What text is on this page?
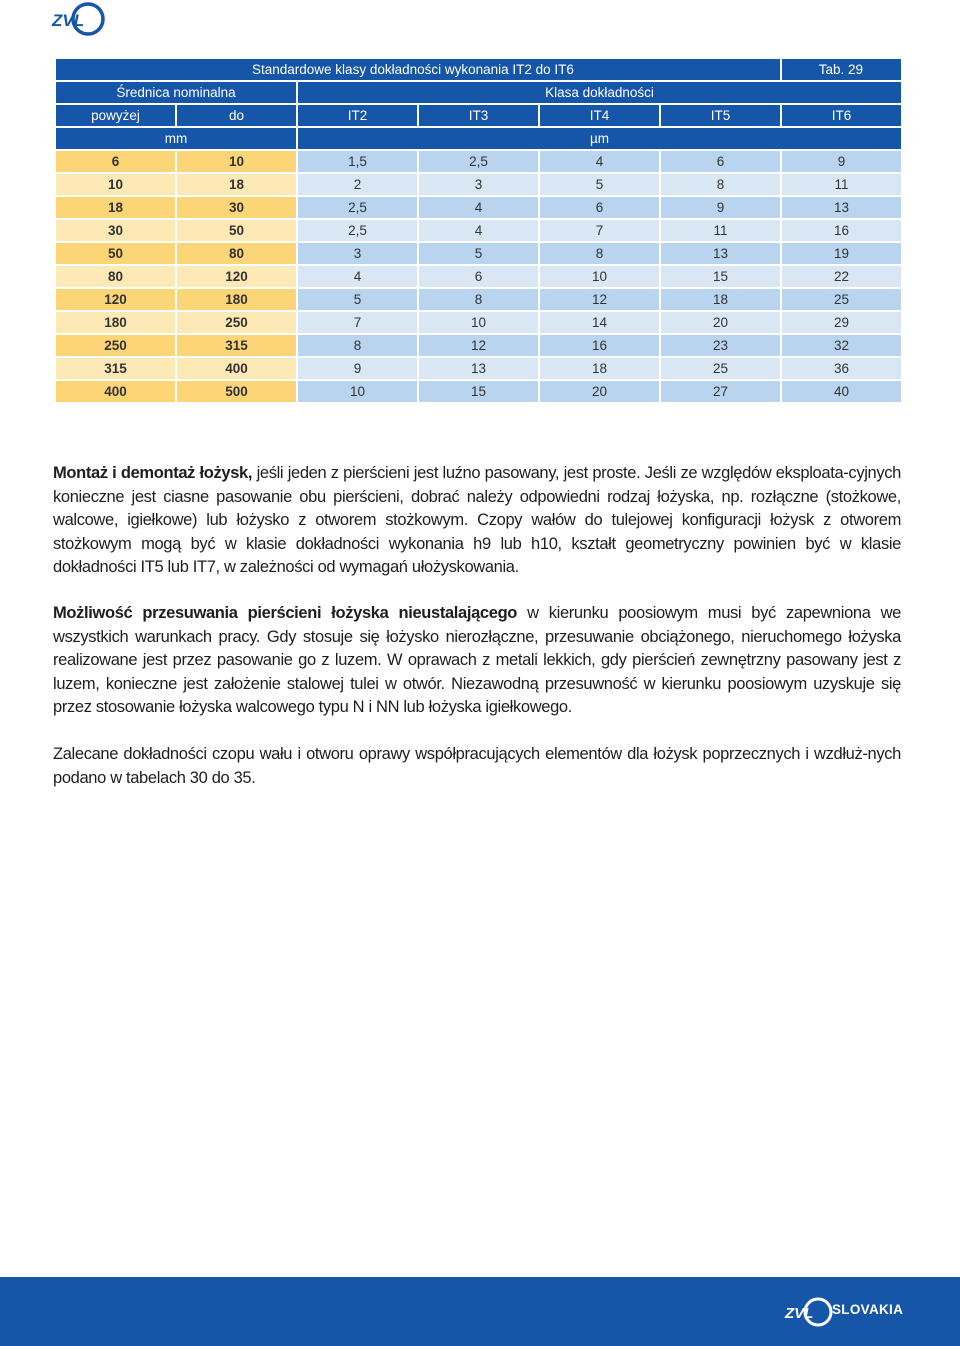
ZVL
Standardowe klasy dokładności wykonania IT2 do IT6						Tab. 29
Średnica nominalna		Klasa dokładności				
powyżej	do	IT2	IT3	IT4	IT5	IT6
mm		µm				
6	10	1,5	2,5	4	6	9
10	18	2	3	5	8	11
18	30	2,5	4	6	9	13
30	50	2,5	4	7	11	16
50	80	3	5	8	13	19
80	120	4	6	10	15	22
120	180	5	8	12	18	25
180	250	7	10	14	20	29
250	315	8	12	16	23	32
315	400	9	13	18	25	36
400	500	10	15	20	27	40

Montaż i demontaż łożysk, jeśli jeden z pierścieni jest luźno pasowany, jest proste. Jeśli ze względów eksploata-cyjnych konieczne jest ciasne pasowanie obu pierścieni, dobrać należy odpowiedni rodzaj łożyska, np. rozłączne (stożkowe, walcowe, igiełkowe) lub łożysko z otworem stożkowym. Czopy wałów do tulejowej konfiguracji łożysk z otworem stożkowym mogą być w klasie dokładności wykonania h9 lub h10, kształt geometryczny powinien być w klasie dokładności IT5 lub IT7, w zależności od wymagań ułożyskowania.

Możliwość przesuwania pierścieni łożyska nieustalającego w kierunku poosiowym musi być zapewniona we wszystkich warunkach pracy. Gdy stosuje się łożysko nierozłączne, przesuwanie obciążonego, nieruchomego łożyska realizowane jest przez pasowanie go z luzem. W oprawach z metali lekkich, gdy pierścień zewnętrzny pasowany jest z luzem, konieczne jest założenie stalowej tulei w otwór. Niezawodną przesuwność w kierunku poosiowym uzyskuje się przez stosowanie łożyska walcowego typu N i NN lub łożyska igiełkowego.

Zalecane dokładności czopu wału i otworu oprawy współpracujących elementów dla łożysk poprzecznych i wzdłuż-nych podano w tabelach 30 do 35.

ZVL SLOVAKIA
